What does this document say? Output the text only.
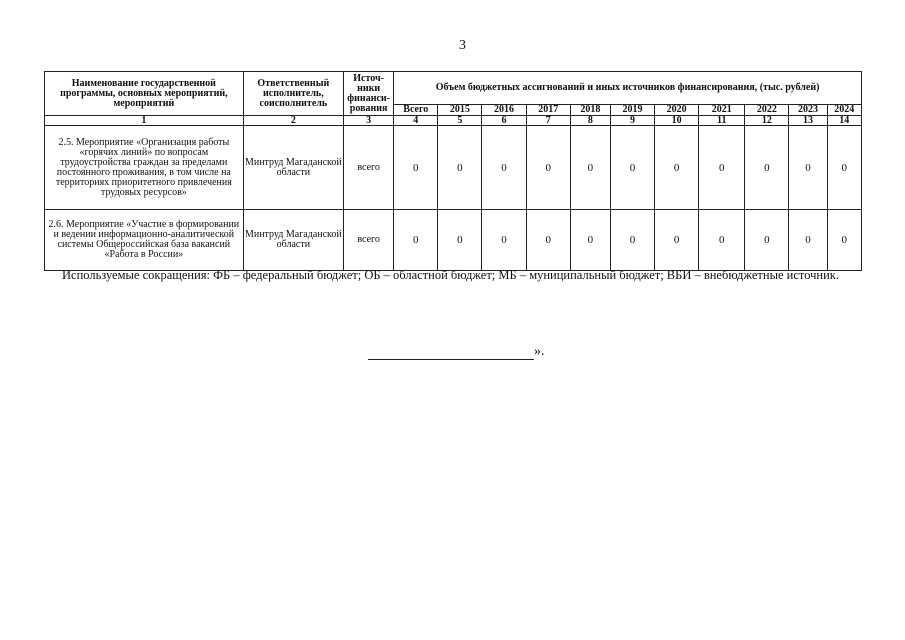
3
Наименование государственной программы, основных мероприятий, мероприятий	Ответственный исполнитель, соисполнитель	Источ-ники финанси-рования	Объем бюджетных ассигнований и иных источников финансирования, (тыс. рублей)										
			Всего	2015	2016	2017	2018	2019	2020	2021	2022	2023	2024
1	2	3	4	5	6	7	8	9	10	11	12	13	14
2.5. Мероприятие «Организация работы «горячих линий» по вопросам трудоустройства граждан за пределами постоянного проживания, в том числе на территориях приоритетного привлечения трудовых ресурсов»	Минтруд Магаданской области	всего	0	0	0	0	0	0	0	0	0	0	0
2.6. Мероприятие «Участие в формировании и ведении информационно-аналитической системы Общероссийская база вакансий «Работа в России»	Минтруд Магаданской области	всего	0	0	0	0	0	0	0	0	0	0	0
Используемые сокращения: ФБ – федеральный бюджет; ОБ – областной бюджет; МБ – муниципальный бюджет; ВБИ – внебюджетные источник.
».
